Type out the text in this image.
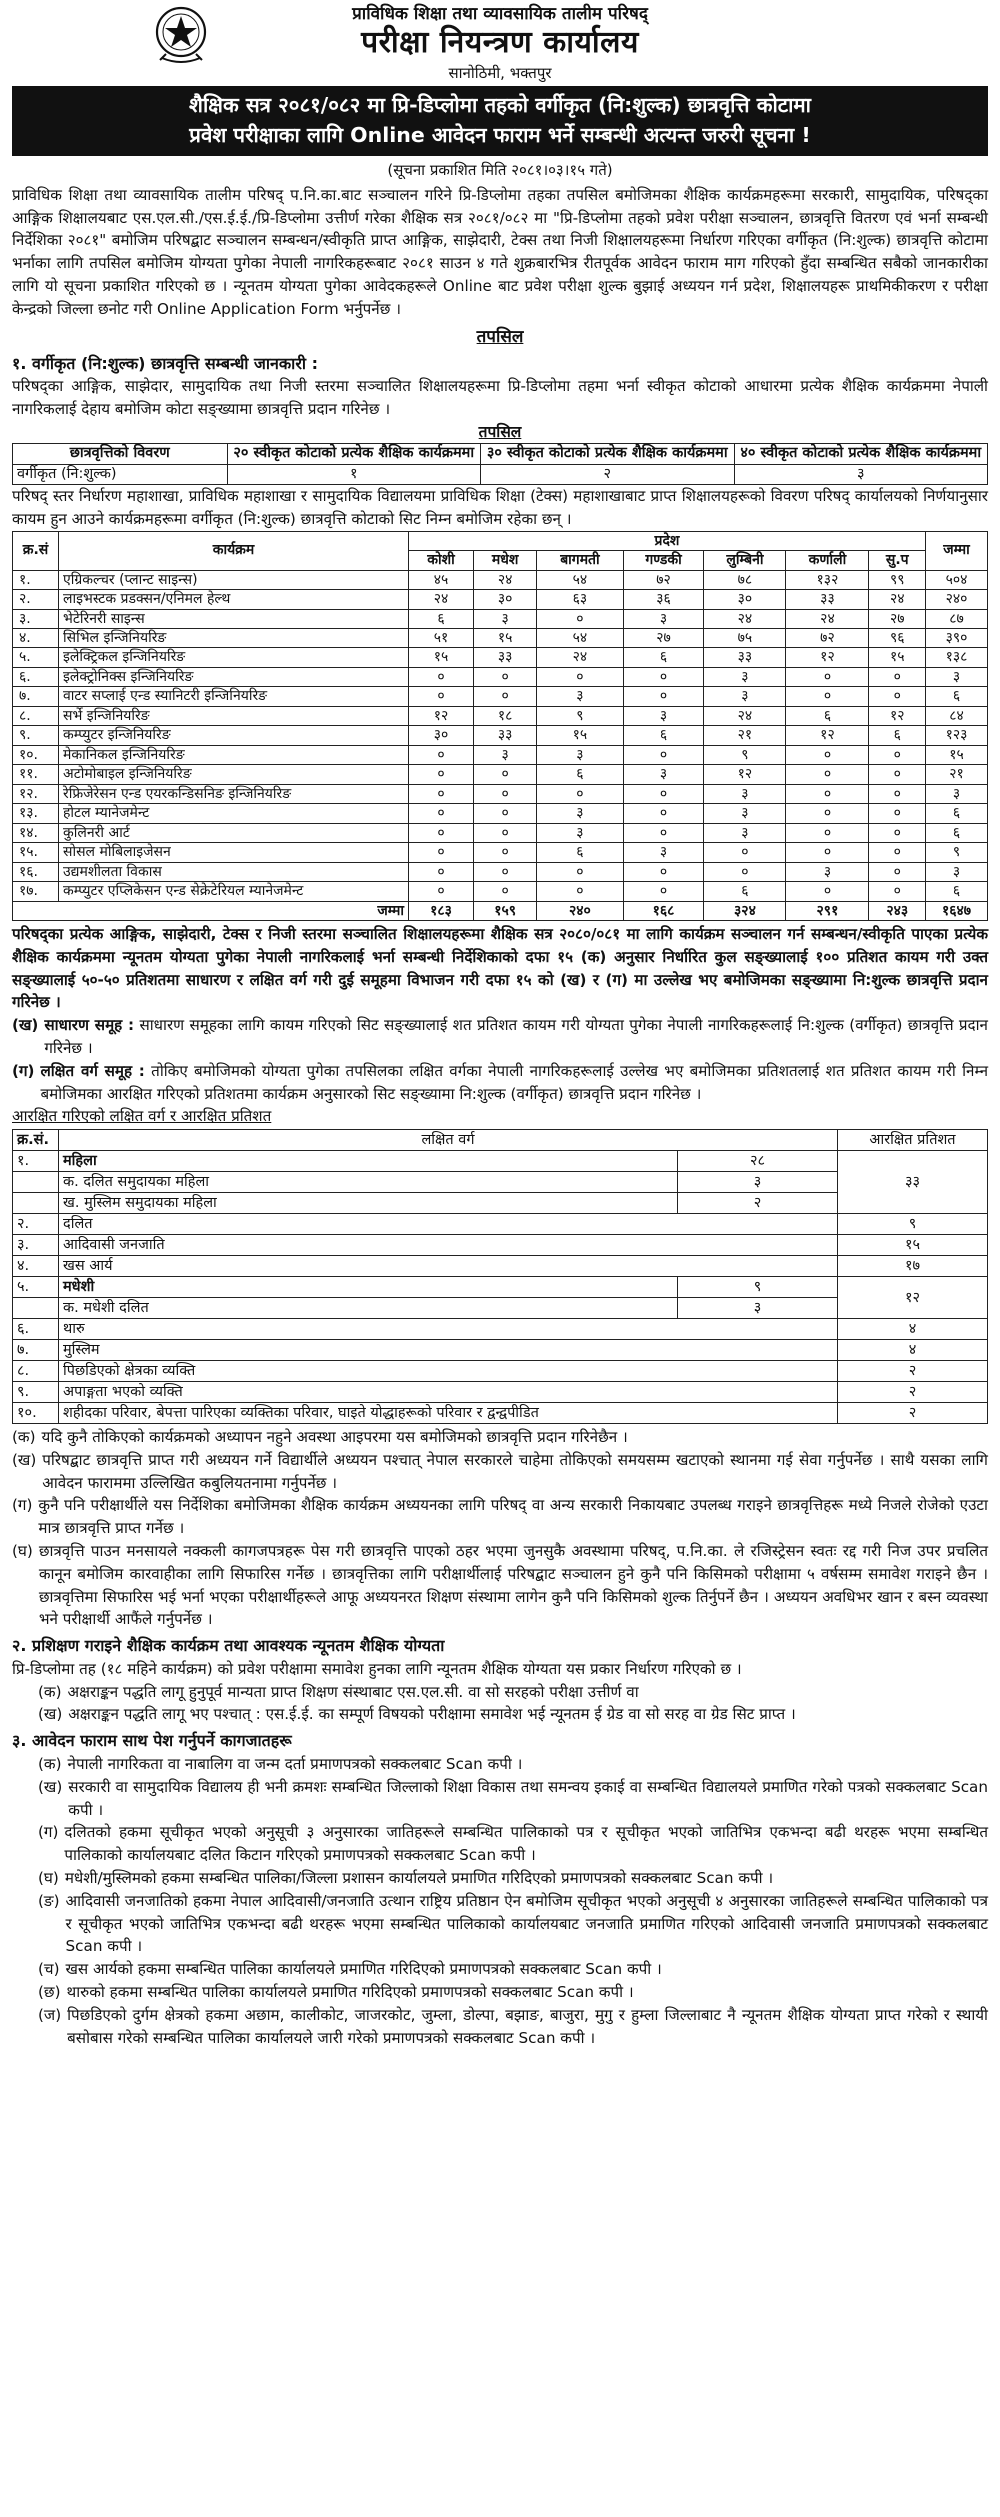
प्राविधिक शिक्षा तथा व्यावसायिक तालीम परिषद्
परीक्षा नियन्त्रण कार्यालय
सानोठिमी, भक्तपुर
शैक्षिक सत्र २०८१/०८२ मा प्रि-डिप्लोमा तहको वर्गीकृत (नि:शुल्क) छात्रवृत्ति कोटामा
प्रवेश परीक्षाका लागि Online आवेदन फाराम भर्ने सम्बन्धी अत्यन्त जरुरी सूचना !
(सूचना प्रकाशित मिति २०८१।०३।१५ गते)

प्राविधिक शिक्षा तथा व्यावसायिक तालीम परिषद् प.नि.का.बाट सञ्चालन गरिने प्रि-डिप्लोमा तहका तपसिल बमोजिमका शैक्षिक कार्यक्रमहरूमा सरकारी, सामुदायिक, परिषद्का आङ्गिक शिक्षालयबाट एस.एल.सी./एस.ई.ई./प्रि-डिप्लोमा उत्तीर्ण गरेका शैक्षिक सत्र २०८१/०८२ मा "प्रि-डिप्लोमा तहको प्रवेश परीक्षा सञ्चालन, छात्रवृत्ति वितरण एवं भर्ना सम्बन्धी निर्देशिका २०८१" बमोजिम परिषद्बाट सञ्चालन सम्बन्धन/स्वीकृति प्राप्त आङ्गिक, साझेदारी, टेक्स तथा निजी शिक्षालयहरूमा निर्धारण गरिएका वर्गीकृत (नि:शुल्क) छात्रवृत्ति कोटामा भर्नाका लागि तपसिल बमोजिम योग्यता पुगेका नेपाली नागरिकहरूबाट २०८१ साउन ४ गते शुक्रबारभित्र रीतपूर्वक आवेदन फाराम माग गरिएको हुँदा सम्बन्धित सबैको जानकारीका लागि यो सूचना प्रकाशित गरिएको छ । न्यूनतम योग्यता पुगेका आवेदकहरूले Online बाट प्रवेश परीक्षा शुल्क बुझाई अध्ययन गर्न प्रदेश, शिक्षालयहरू प्राथमिकीकरण र परीक्षा केन्द्रको जिल्ला छनोट गरी Online Application Form भर्नुपर्नेछ ।

तपसिल
१. वर्गीकृत (नि:शुल्क) छात्रवृत्ति सम्बन्धी जानकारी :

परिषद्का आङ्गिक, साझेदार, सामुदायिक तथा निजी स्तरमा सञ्चालित शिक्षालयहरूमा प्रि-डिप्लोमा तहमा भर्ना स्वीकृत कोटाको आधारमा प्रत्येक शैक्षिक कार्यक्रममा नेपाली नागरिकलाई देहाय बमोजिम कोटा सङ्ख्यामा छात्रवृत्ति प्रदान गरिनेछ ।

तपसिल
छात्रवृत्तिको विवरण	२० स्वीकृत कोटाको प्रत्येक शैक्षिक कार्यक्रममा	३० स्वीकृत कोटाको प्रत्येक शैक्षिक कार्यक्रममा	४० स्वीकृत कोटाको प्रत्येक शैक्षिक कार्यक्रममा
वर्गीकृत (नि:शुल्क)	१	२	३

परिषद् स्तर निर्धारण महाशाखा, प्राविधिक महाशाखा र सामुदायिक विद्यालयमा प्राविधिक शिक्षा (टेक्स) महाशाखाबाट प्राप्त शिक्षालयहरूको विवरण परिषद् कार्यालयको निर्णयानुसार कायम हुन आउने कार्यक्रमहरूमा वर्गीकृत (नि:शुल्क) छात्रवृत्ति कोटाको सिट निम्न बमोजिम रहेका छन् ।

क्र.सं	कार्यक्रम	प्रदेश							जम्मा
		कोशी	मधेश	बागमती	गण्डकी	लुम्बिनी	कर्णाली	सु.प	
१.	एग्रिकल्चर (प्लान्ट साइन्स)	४५	२४	५४	७२	७८	१३२	९९	५०४
२.	लाइभस्टक प्रडक्सन/एनिमल हेल्थ	२४	३०	६३	३६	३०	३३	२४	२४०
३.	भेटेरिनरी साइन्स	६	३	०	३	२४	२४	२७	८७
४.	सिभिल इन्जिनियरिङ	५१	१५	५४	२७	७५	७२	९६	३९०
५.	इलेक्ट्रिकल इन्जिनियरिङ	१५	३३	२४	६	३३	१२	१५	१३८
६.	इलेक्ट्रोनिक्स इन्जिनियरिङ	०	०	०	०	३	०	०	३
७.	वाटर सप्लाई एन्ड स्यानिटरी इन्जिनियरिङ	०	०	३	०	३	०	०	६
८.	सर्भे इन्जिनियरिङ	१२	१८	९	३	२४	६	१२	८४
९.	कम्प्युटर इन्जिनियरिङ	३०	३३	१५	६	२१	१२	६	१२३
१०.	मेकानिकल इन्जिनियरिङ	०	३	३	०	९	०	०	१५
११.	अटोमोबाइल इन्जिनियरिङ	०	०	६	३	१२	०	०	२१
१२.	रेफ्रिजेरेसन एन्ड एयरकन्डिसनिङ इन्जिनियरिङ	०	०	०	०	३	०	०	३
१३.	होटल म्यानेजमेन्ट	०	०	३	०	३	०	०	६
१४.	कुलिनरी आर्ट	०	०	३	०	३	०	०	६
१५.	सोसल मोबिलाइजेसन	०	०	६	३	०	०	०	९
१६.	उद्यमशीलता विकास	०	०	०	०	०	३	०	३
१७.	कम्प्युटर एप्लिकेसन एन्ड सेक्रेटेरियल म्यानेजमेन्ट	०	०	०	०	६	०	०	६
जम्मा		१८३	१५९	२४०	१६८	३२४	२९१	२४३	१६४७

परिषद्का प्रत्येक आङ्गिक, साझेदारी, टेक्स र निजी स्तरमा सञ्चालित शिक्षालयहरूमा शैक्षिक सत्र २०८०/०८१ मा लागि कार्यक्रम सञ्चालन गर्न सम्बन्धन/स्वीकृति पाएका प्रत्येक शैक्षिक कार्यक्रममा न्यूनतम योग्यता पुगेका नेपाली नागरिकलाई भर्ना सम्बन्धी निर्देशिकाको दफा १५ (क) अनुसार निर्धारित कुल सङ्ख्यालाई १०० प्रतिशत कायम गरी उक्त सङ्ख्यालाई ५०-५० प्रतिशतमा साधारण र लक्षित वर्ग गरी दुई समूहमा विभाजन गरी दफा १५ को (ख) र (ग) मा उल्लेख भए बमोजिमका सङ्ख्यामा नि:शुल्क छात्रवृत्ति प्रदान गरिनेछ ।

(ख) साधारण समूह : साधारण समूहका लागि कायम गरिएको सिट सङ्ख्यालाई शत प्रतिशत कायम गरी योग्यता पुगेका नेपाली नागरिकहरूलाई नि:शुल्क (वर्गीकृत) छात्रवृत्ति प्रदान गरिनेछ ।
(ग) लक्षित वर्ग समूह : तोकिए बमोजिमको योग्यता पुगेका तपसिलका लक्षित वर्गका नेपाली नागरिकहरूलाई उल्लेख भए बमोजिमका प्रतिशतलाई शत प्रतिशत कायम गरी निम्न बमोजिमका आरक्षित गरिएको प्रतिशतमा कार्यक्रम अनुसारको सिट सङ्ख्यामा नि:शुल्क (वर्गीकृत) छात्रवृत्ति प्रदान गरिनेछ ।
आरक्षित गरिएको लक्षित वर्ग र आरक्षित प्रतिशत
क्र.सं.	लक्षित वर्ग		आरक्षित प्रतिशत
१.	महिला	२८	३३
	क. दलित समुदायका महिला	३	
	ख. मुस्लिम समुदायका महिला	२	
२.	दलित		९
३.	आदिवासी जनजाति		१५
४.	खस आर्य		१७
५.	मधेशी	९	१२
	क. मधेशी दलित	३	
६.	थारु		४
७.	मुस्लिम		४
८.	पिछडिएको क्षेत्रका व्यक्ति		२
९.	अपाङ्गता भएको व्यक्ति		२
१०.	शहीदका परिवार, बेपत्ता पारिएका व्यक्तिका परिवार, घाइते योद्धाहरूको परिवार र द्वन्द्वपीडित		२
(क) यदि कुनै तोकिएको कार्यक्रमको अध्यापन नहुने अवस्था आइपरमा यस बमोजिमको छात्रवृत्ति प्रदान गरिनेछैन ।
(ख) परिषद्बाट छात्रवृत्ति प्राप्त गरी अध्ययन गर्ने विद्यार्थीले अध्ययन पश्चात् नेपाल सरकारले चाहेमा तोकिएको समयसम्म खटाएको स्थानमा गई सेवा गर्नुपर्नेछ । साथै यसका लागि आवेदन फाराममा उल्लिखित कबुलियतनामा गर्नुपर्नेछ ।
(ग) कुनै पनि परीक्षार्थीले यस निर्देशिका बमोजिमका शैक्षिक कार्यक्रम अध्ययनका लागि परिषद् वा अन्य सरकारी निकायबाट उपलब्ध गराइने छात्रवृत्तिहरू मध्ये निजले रोजेको एउटा मात्र छात्रवृत्ति प्राप्त गर्नेछ ।
(घ) छात्रवृत्ति पाउन मनसायले नक्कली कागजपत्रहरू पेस गरी छात्रवृत्ति पाएको ठहर भएमा जुनसुकै अवस्थामा परिषद्, प.नि.का. ले रजिस्ट्रेसन स्वतः रद्द गरी निज उपर प्रचलित कानून बमोजिम कारवाहीका लागि सिफारिस गर्नेछ । छात्रवृत्तिका लागि परीक्षार्थीलाई परिषद्बाट सञ्चालन हुने कुनै पनि किसिमको परीक्षामा ५ वर्षसम्म समावेश गराइने छैन । छात्रवृत्तिमा सिफारिस भई भर्ना भएका परीक्षार्थीहरूले आफू अध्ययनरत शिक्षण संस्थामा लागेन कुनै पनि किसिमको शुल्क तिर्नुपर्ने छैन । अध्ययन अवधिभर खान र बस्न व्यवस्था भने परीक्षार्थी आफैंले गर्नुपर्नेछ ।
२. प्रशिक्षण गराइने शैक्षिक कार्यक्रम तथा आवश्यक न्यूनतम शैक्षिक योग्यता

प्रि-डिप्लोमा तह (१८ महिने कार्यक्रम) को प्रवेश परीक्षामा समावेश हुनका लागि न्यूनतम शैक्षिक योग्यता यस प्रकार निर्धारण गरिएको छ ।

(क) अक्षराङ्कन पद्धति लागू हुनुपूर्व मान्यता प्राप्त शिक्षण संस्थाबाट एस.एल.सी. वा सो सरहको परीक्षा उत्तीर्ण वा
(ख) अक्षराङ्कन पद्धति लागू भए पश्चात् : एस.ई.ई. का सम्पूर्ण विषयको परीक्षामा समावेश भई न्यूनतम ई ग्रेड वा सो सरह वा ग्रेड सिट प्राप्त ।
३. आवेदन फाराम साथ पेश गर्नुपर्ने कागजातहरू
(क) नेपाली नागरिकता वा नाबालिग वा जन्म दर्ता प्रमाणपत्रको सक्कलबाट Scan कपी ।
(ख) सरकारी वा सामुदायिक विद्यालय ही भनी क्रमशः सम्बन्धित जिल्लाको शिक्षा विकास तथा समन्वय इकाई वा सम्बन्धित विद्यालयले प्रमाणित गरेको पत्रको सक्कलबाट Scan कपी ।
(ग) दलितको हकमा सूचीकृत भएको अनुसूची ३ अनुसारका जातिहरूले सम्बन्धित पालिकाको पत्र र सूचीकृत भएको जातिभित्र एकभन्दा बढी थरहरू भएमा सम्बन्धित पालिकाको कार्यालयबाट दलित किटान गरिएको प्रमाणपत्रको सक्कलबाट Scan कपी ।
(घ) मधेशी/मुस्लिमको हकमा सम्बन्धित पालिका/जिल्ला प्रशासन कार्यालयले प्रमाणित गरिदिएको प्रमाणपत्रको सक्कलबाट Scan कपी ।
(ङ) आदिवासी जनजातिको हकमा नेपाल आदिवासी/जनजाति उत्थान राष्ट्रिय प्रतिष्ठान ऐन बमोजिम सूचीकृत भएको अनुसूची ४ अनुसारका जातिहरूले सम्बन्धित पालिकाको पत्र र सूचीकृत भएको जातिभित्र एकभन्दा बढी थरहरू भएमा सम्बन्धित पालिकाको कार्यालयबाट जनजाति प्रमाणित गरिएको आदिवासी जनजाति प्रमाणपत्रको सक्कलबाट Scan कपी ।
(च) खस आर्यको हकमा सम्बन्धित पालिका कार्यालयले प्रमाणित गरिदिएको प्रमाणपत्रको सक्कलबाट Scan कपी ।
(छ) थारुको हकमा सम्बन्धित पालिका कार्यालयले प्रमाणित गरिदिएको प्रमाणपत्रको सक्कलबाट Scan कपी ।
(ज) पिछडिएको दुर्गम क्षेत्रको हकमा अछाम, कालीकोट, जाजरकोट, जुम्ला, डोल्पा, बझाङ, बाजुरा, मुगु र हुम्ला जिल्लाबाट नै न्यूनतम शैक्षिक योग्यता प्राप्त गरेको र स्थायी बसोबास गरेको सम्बन्धित पालिका कार्यालयले जारी गरेको प्रमाणपत्रको सक्कलबाट Scan कपी ।
